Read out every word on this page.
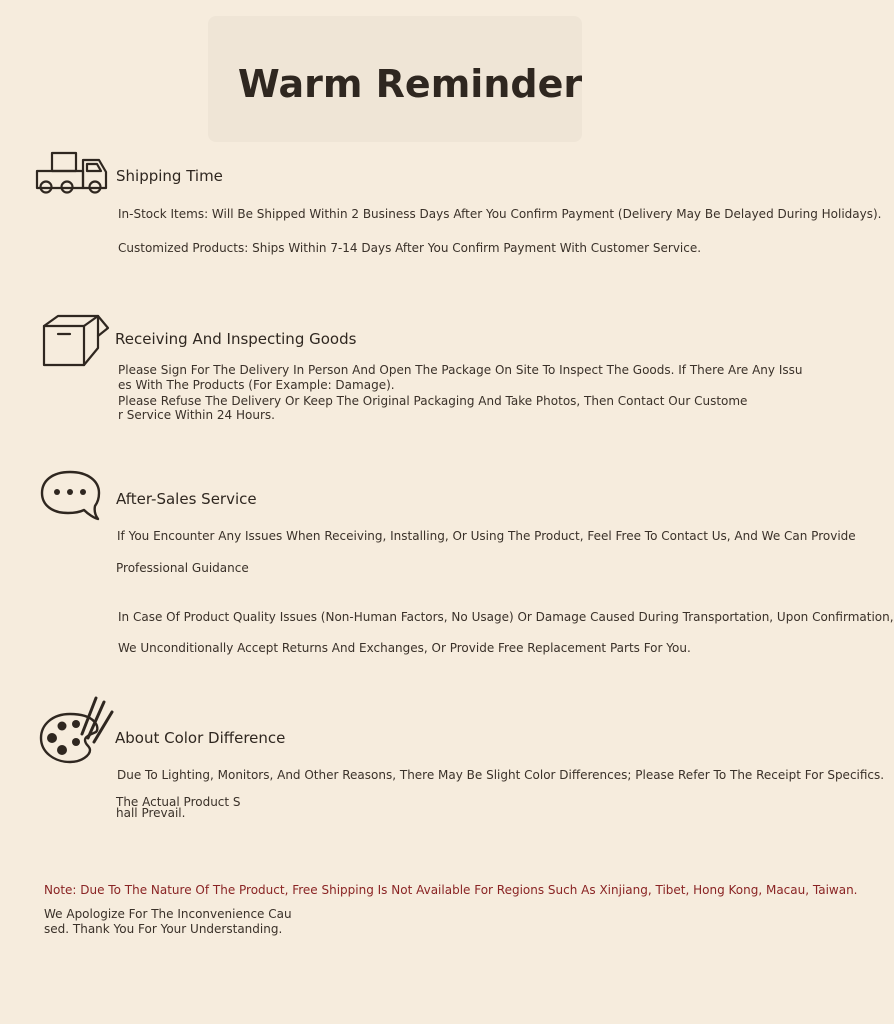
Warm Reminder
Shipping Time
In-Stock Items: Will Be Shipped Within 2 Business Days After You Confirm Payment (Delivery May Be Delayed During Holidays).
Customized Products: Ships Within 7-14 Days After You Confirm Payment With Customer Service.
Receiving And Inspecting Goods
Please Sign For The Delivery In Person And Open The Package On Site To Inspect The Goods. If There Are Any Issu
es With The Products (For Example: Damage).
Please Refuse The Delivery Or Keep The Original Packaging And Take Photos, Then Contact Our Custome
r Service Within 24 Hours.
After-Sales Service
If You Encounter Any Issues When Receiving, Installing, Or Using The Product, Feel Free To Contact Us, And We Can Provide
Professional Guidance
In Case Of Product Quality Issues (Non-Human Factors, No Usage) Or Damage Caused During Transportation, Upon Confirmation,
We Unconditionally Accept Returns And Exchanges, Or Provide Free Replacement Parts For You.
About Color Difference
Due To Lighting, Monitors, And Other Reasons, There May Be Slight Color Differences; Please Refer To The Receipt For Specifics.
The Actual Product S
hall Prevail.
Note: Due To The Nature Of The Product, Free Shipping Is Not Available For Regions Such As Xinjiang, Tibet, Hong Kong, Macau, Taiwan.
We Apologize For The Inconvenience Cau
sed. Thank You For Your Understanding.
